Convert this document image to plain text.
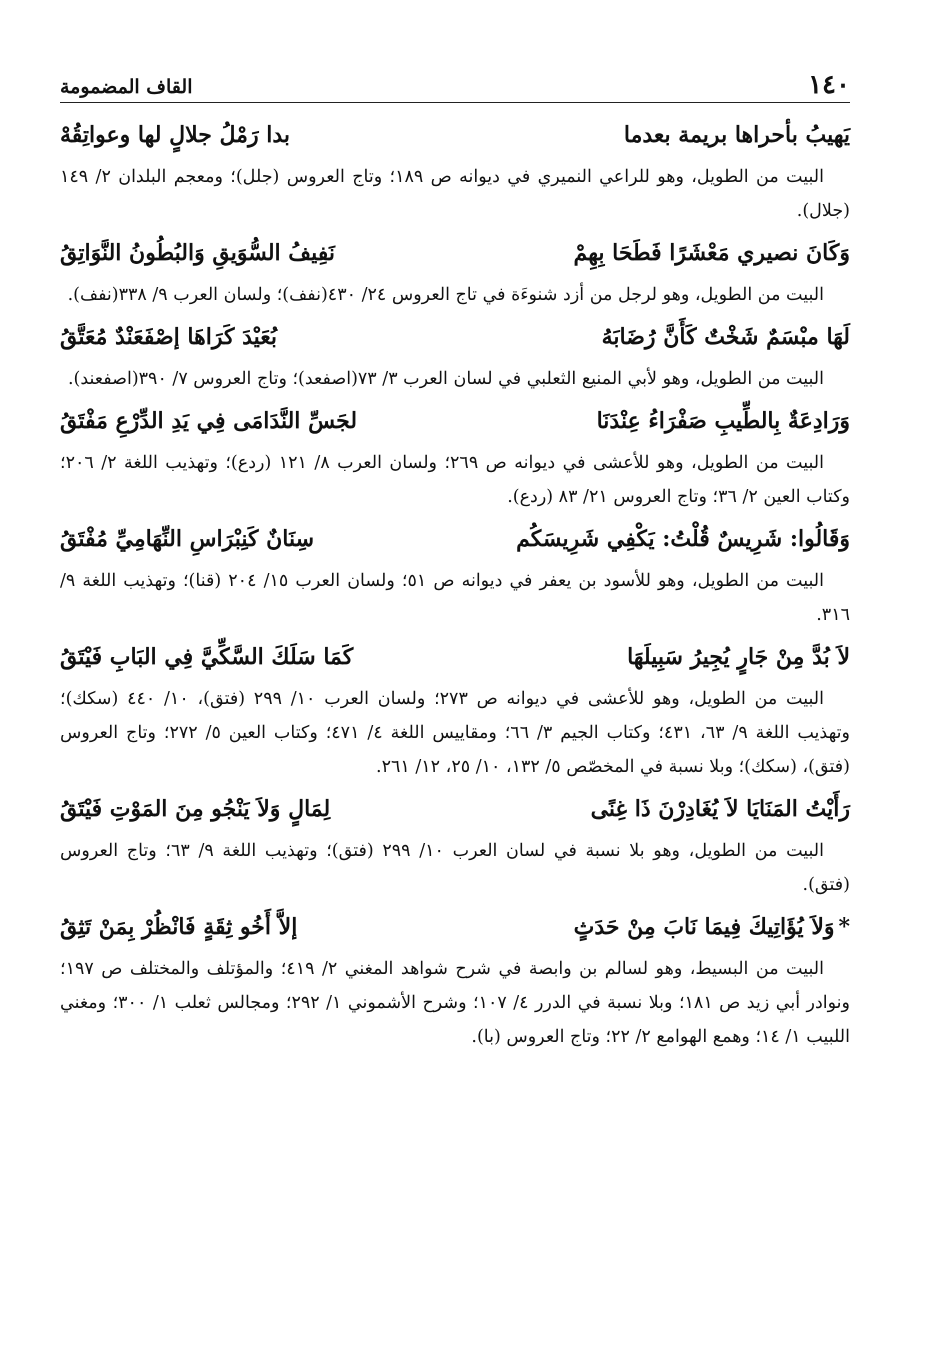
١٤٠
القاف المضمومة
يَهيبُ بأحراها بريمة بعدما
بدا رَمْلُ جلالٍ لها وعواتِقُهْ

البيت من الطويل، وهو للراعي النميري في ديوانه ص ١٨٩؛ وتاج العروس (جلل)؛ ومعجم البلدان ٢/ ١٤٩ (جلال).

وَكَانَ نصيري مَعْشَرًا فَطَحَا بِهِمْ
نَفِيفُ السُّوَيقِ وَالبُطُونُ النَّوَاتِقُ

البيت من الطويل، وهو لرجل من أزد شنوءَة في تاج العروس ٢٤/ ٤٣٠(نفف)؛ ولسان العرب ٩/ ٣٣٨(نفف).

لَهَا مبْسَمٌ شَخْتٌ كَأَنَّ رُضَابَهُ
بُعَيْدَ كَرَاهَا إصْفَعَنْدٌ مُعَتَّقُ

البيت من الطويل، وهو لأبي المنيع الثعلبي في لسان العرب ٣/ ٧٣(اصفعد)؛ وتاج العروس ٧/ ٣٩٠(اصفعند).

وَرَادِعَةٌ بِالطِّيبِ صَفْرَاءُ عِنْدَنَا
لجَسِّ النَّدَامَى فِي يَدِ الدِّرْعِ مَفْتَقُ

البيت من الطويل، وهو للأعشى في ديوانه ص ٢٦٩؛ ولسان العرب ٨/ ١٢١ (ردع)؛ وتهذيب اللغة ٢/ ٢٠٦؛ وكتاب العين ٢/ ٣٦؛ وتاج العروس ٢١/ ٨٣ (ردع).

وَقَالُوا: شَرِيسٌ قُلْتُ: يَكْفِي شَرِيسَكُم
سِنَانٌ كَنِبْرَاسِ النِّهَامِيِّ مُفْتَقُ

البيت من الطويل، وهو للأسود بن يعفر في ديوانه ص ٥١؛ ولسان العرب ١٥/ ٢٠٤ (قنا)؛ وتهذيب اللغة ٩/ ٣١٦.

لاَ بُدَّ مِنْ جَارٍ يُجِيرُ سَبِيلَهَا
كَمَا سَلَكَ السَّكِّيَّ فِي البَابِ فَيْتَقُ

البيت من الطويل، وهو للأعشى في ديوانه ص ٢٧٣؛ ولسان العرب ١٠/ ٢٩٩ (فتق)، ١٠/ ٤٤٠ (سكك)؛ وتهذيب اللغة ٩/ ٦٣، ٤٣١؛ وكتاب الجيم ٣/ ٦٦؛ ومقاييس اللغة ٤/ ٤٧١؛ وكتاب العين ٥/ ٢٧٢؛ وتاج العروس (فتق)، (سكك)؛ وبلا نسبة في المخصّص ٥/ ١٣٢، ١٠/ ٢٥، ١٢/ ٢٦١.

رَأَيْتُ المَنَايَا لاَ يُغَادِرْنَ ذَا غِنًى
لِمَالٍ وَلاَ يَنْجُو مِنَ المَوْتِ فَيْتَقُ

البيت من الطويل، وهو بلا نسبة في لسان العرب ١٠/ ٢٩٩ (فتق)؛ وتهذيب اللغة ٩/ ٦٣؛ وتاج العروس (فتق).

*وَلاَ يُؤَاتِيكَ فِيمَا نَابَ مِنْ حَدَثٍ
إلاَّ أَخُو ثِقَةٍ فَانْظُرْ بِمَنْ تَثِقُ

البيت من البسيط، وهو لسالم بن وابصة في شرح شواهد المغني ٢/ ٤١٩؛ والمؤتلف والمختلف ص ١٩٧؛ ونوادر أبي زيد ص ١٨١؛ وبلا نسبة في الدرر ٤/ ١٠٧؛ وشرح الأشموني ١/ ٢٩٢؛ ومجالس ثعلب ١/ ٣٠٠؛ ومغني اللبيب ١/ ١٤؛ وهمع الهوامع ٢/ ٢٢؛ وتاج العروس (با).
